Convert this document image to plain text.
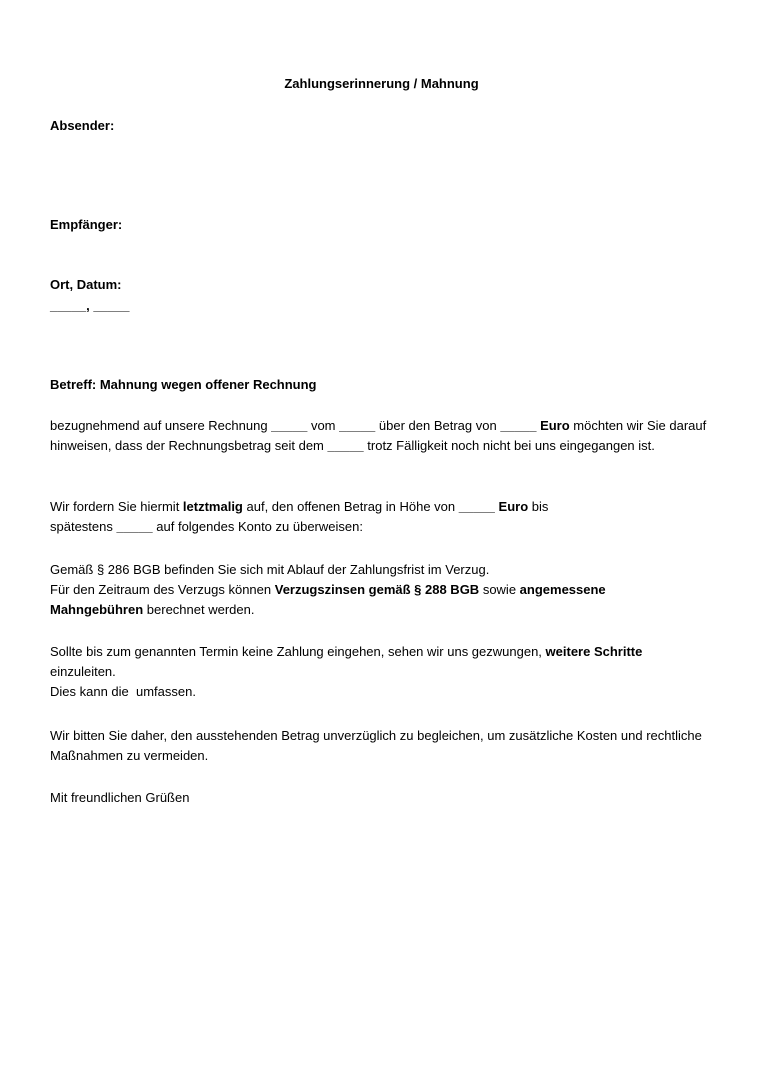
Zahlungserinnerung / Mahnung
Absender:
Empfänger:
Ort, Datum:
_____, _____
Betreff: Mahnung wegen offener Rechnung
bezugnehmend auf unsere Rechnung _____ vom _____ über den Betrag von _____ Euro möchten wir Sie darauf hinweisen, dass der Rechnungsbetrag seit dem _____ trotz Fälligkeit noch nicht bei uns eingegangen ist.
Wir fordern Sie hiermit letztmalig auf, den offenen Betrag in Höhe von _____ Euro bis
spätestens _____ auf folgendes Konto zu überweisen:
Gemäß § 286 BGB befinden Sie sich mit Ablauf der Zahlungsfrist im Verzug.
Für den Zeitraum des Verzugs können Verzugszinsen gemäß § 288 BGB sowie angemessene Mahngebühren berechnet werden.
Sollte bis zum genannten Termin keine Zahlung eingehen, sehen wir uns gezwungen, weitere Schritte einzuleiten.
Dies kann die  umfassen.
Wir bitten Sie daher, den ausstehenden Betrag unverzüglich zu begleichen, um zusätzliche Kosten und rechtliche Maßnahmen zu vermeiden.
Mit freundlichen Grüßen
